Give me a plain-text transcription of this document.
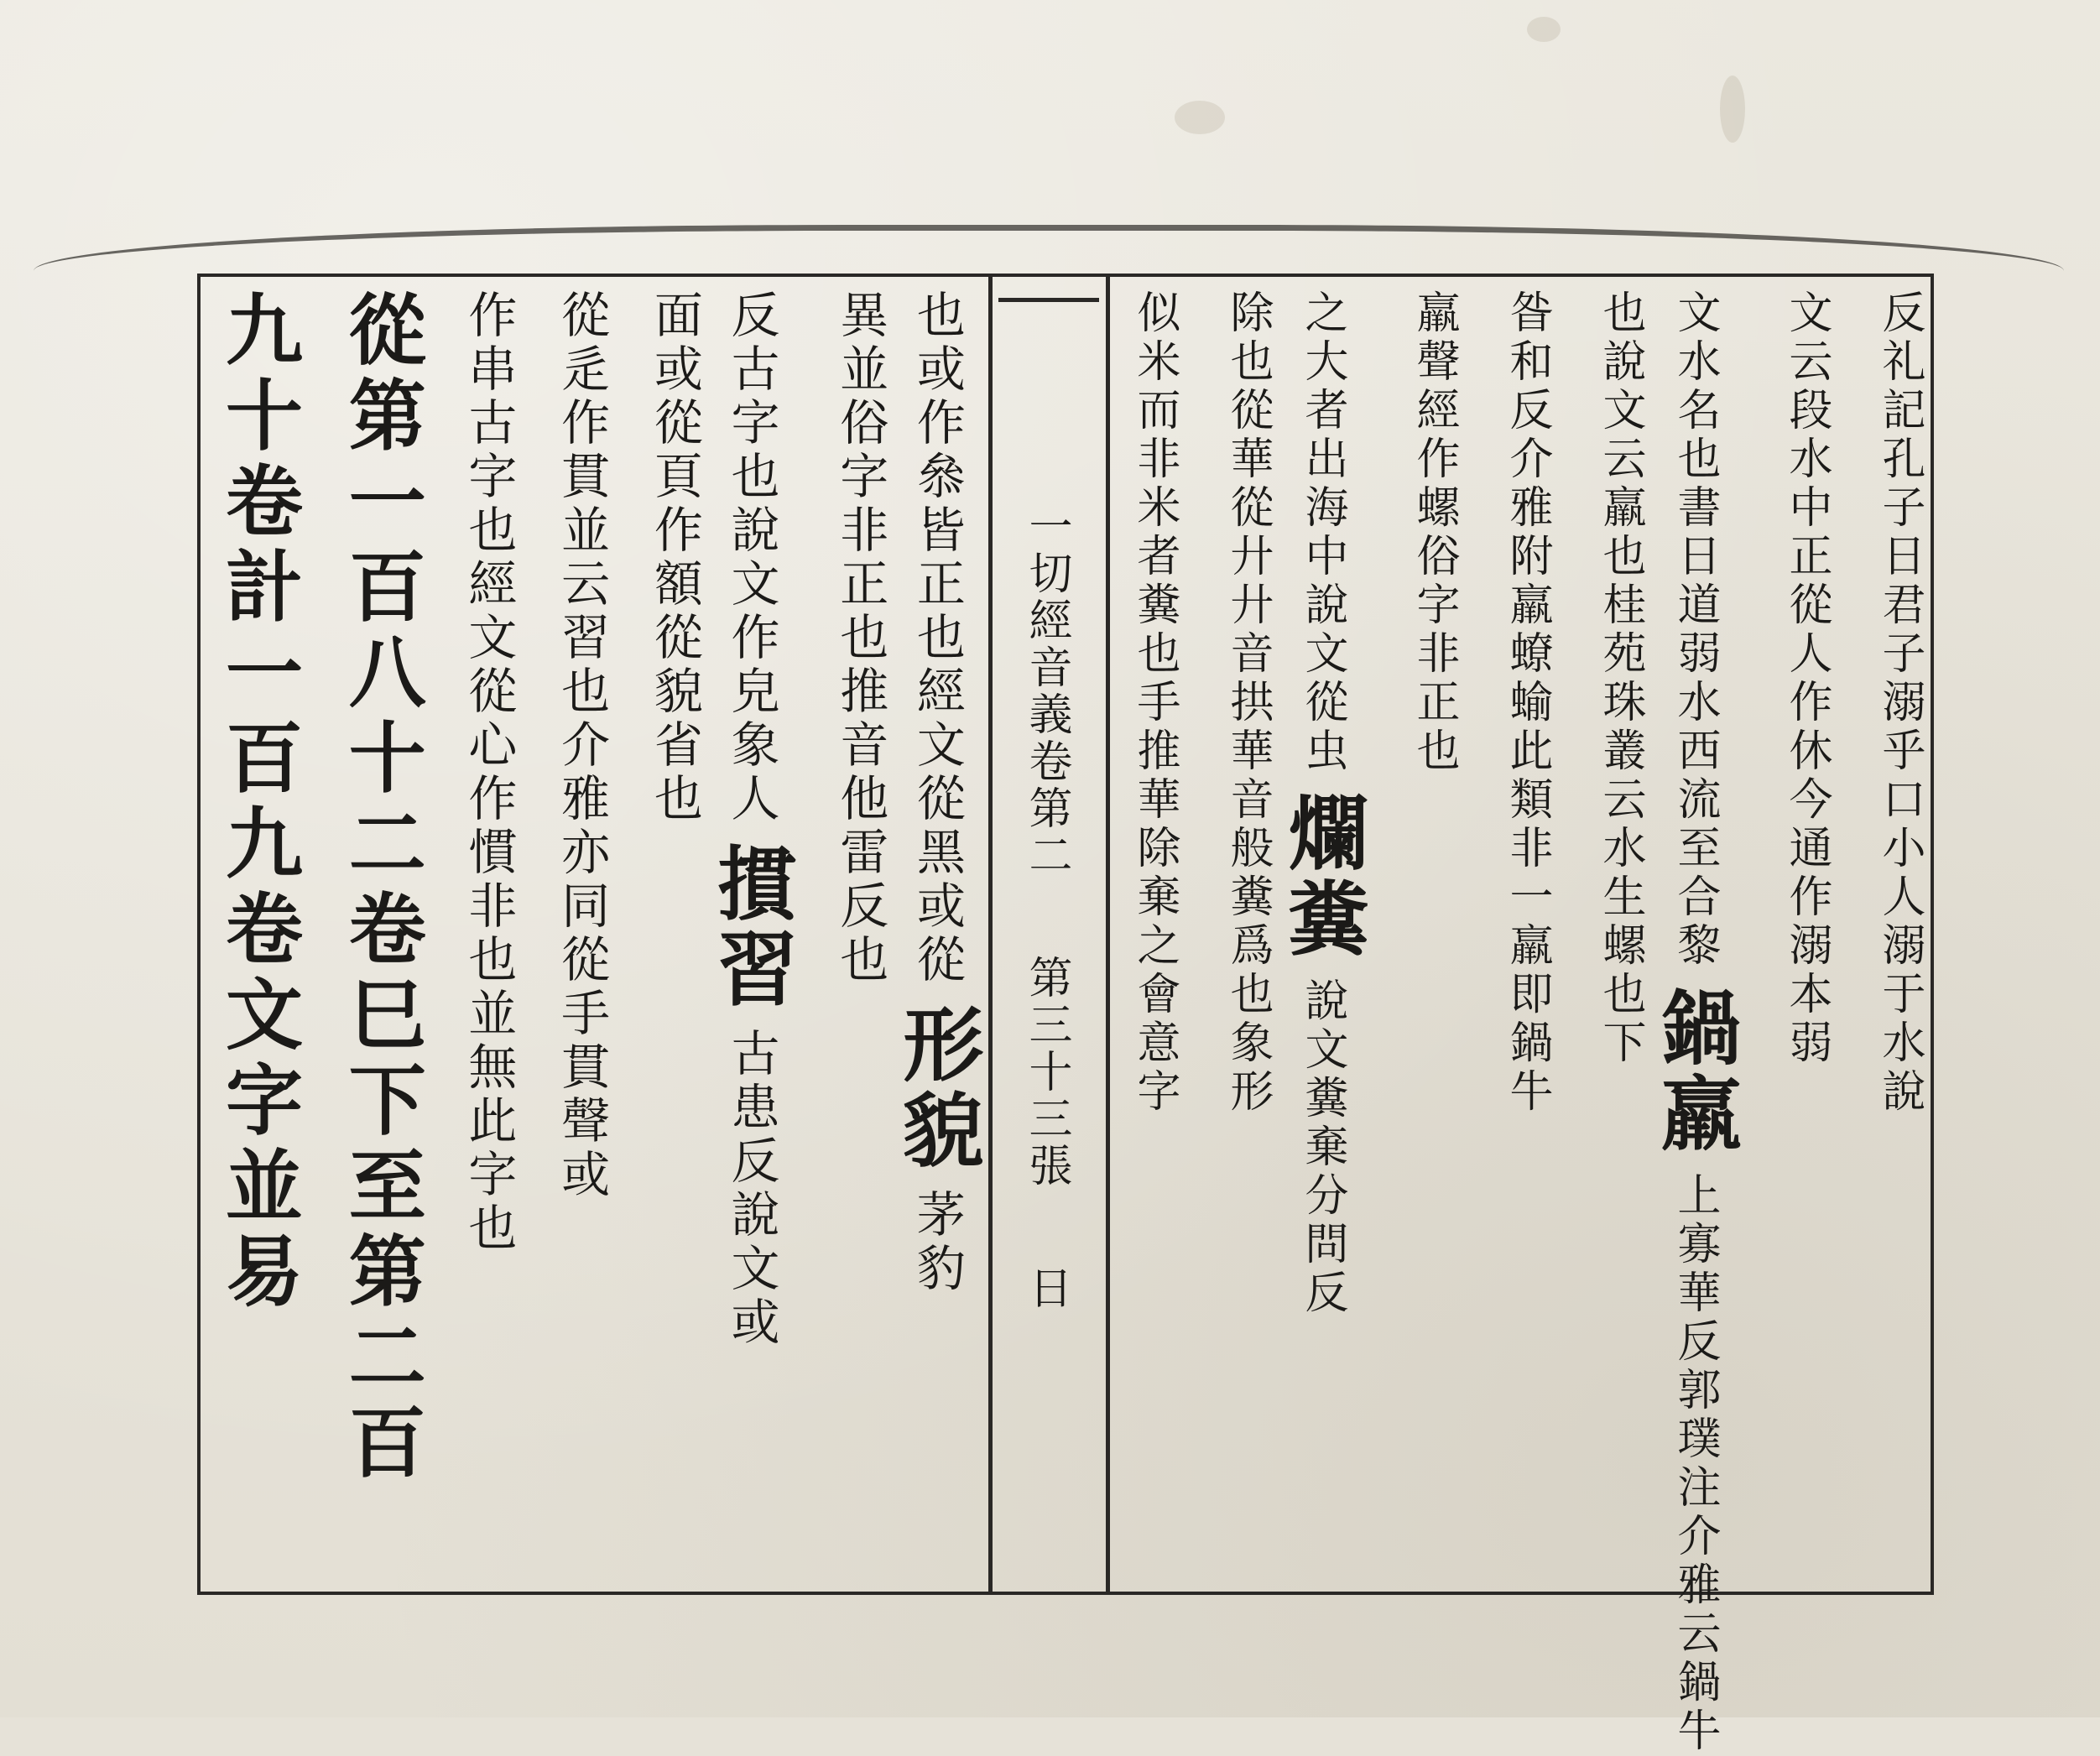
一切經音義卷第二第三十三張日
反礼記孔子日君子溺乎口小人溺于水說
文云段水中正從人作休今通作溺本弱
文水名也書日道弱水西流至合黎鍋羸上寡華反郭璞注介雅云鍋牛
也說文云羸也桂苑珠叢云水生螺也下
昝和反介雅附羸蟟蝓此類非一羸即鍋牛
羸聲經作螺俗字非正也
之大者出海中說文從虫爛糞說文糞棄分問反
除也從華從廾廾音拱華音般糞爲也象形
似米而非米者糞也手推華除棄之會意字
也或作叅皆正也經文從黑或從形貌茅豹
異並俗字非正也推音他雷反也
反古字也說文作皃象人摜習古患反說文或
面或從頁作額從貌省也
從辵作貫並云習也介雅亦同從手貫聲或
作串古字也經文從心作慣非也並無此字也
從第一百八十二卷巳下至第二百
九十卷計一百九卷文字並易
